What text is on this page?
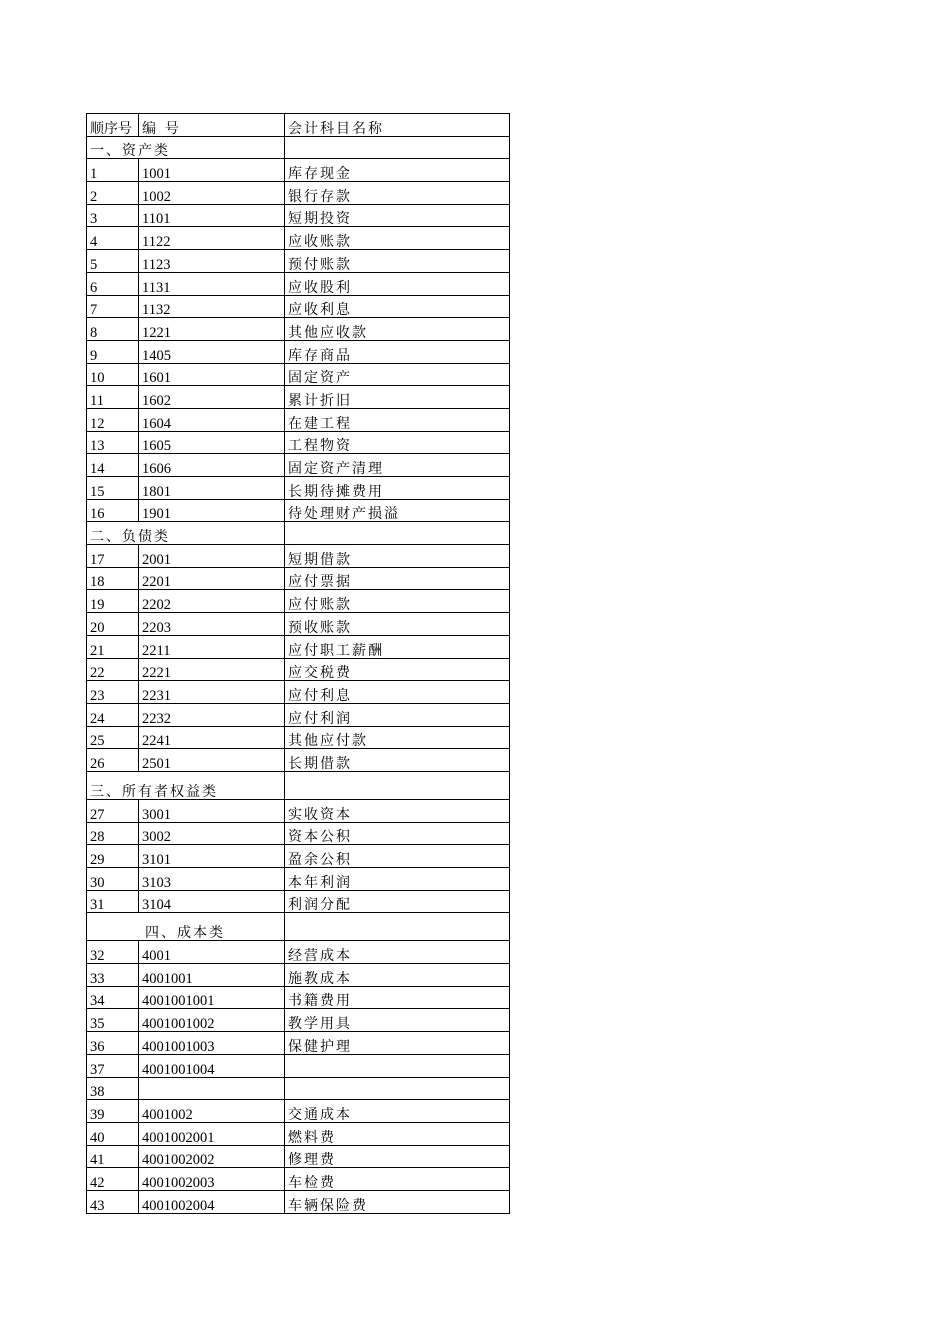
顺序号	编  号	会计科目名称
一、资产类		
1	1001	库存现金
2	1002	银行存款
3	1101	短期投资
4	1122	应收账款
5	1123	预付账款
6	1131	应收股利
7	1132	应收利息
8	1221	其他应收款
9	1405	库存商品
10	1601	固定资产
11	1602	累计折旧
12	1604	在建工程
13	1605	工程物资
14	1606	固定资产清理
15	1801	长期待摊费用
16	1901	待处理财产损溢
二、负债类		
17	2001	短期借款
18	2201	应付票据
19	2202	应付账款
20	2203	预收账款
21	2211	应付职工薪酬
22	2221	应交税费
23	2231	应付利息
24	2232	应付利润
25	2241	其他应付款
26	2501	长期借款
三、所有者权益类		
27	3001	实收资本
28	3002	资本公积
29	3101	盈余公积
30	3103	本年利润
31	3104	利润分配
四、成本类		
32	4001	经营成本
33	4001001	施教成本
34	4001001001	书籍费用
35	4001001002	教学用具
36	4001001003	保健护理
37	4001001004	
38		
39	4001002	交通成本
40	4001002001	燃料费
41	4001002002	修理费
42	4001002003	车检费
43	4001002004	车辆保险费
